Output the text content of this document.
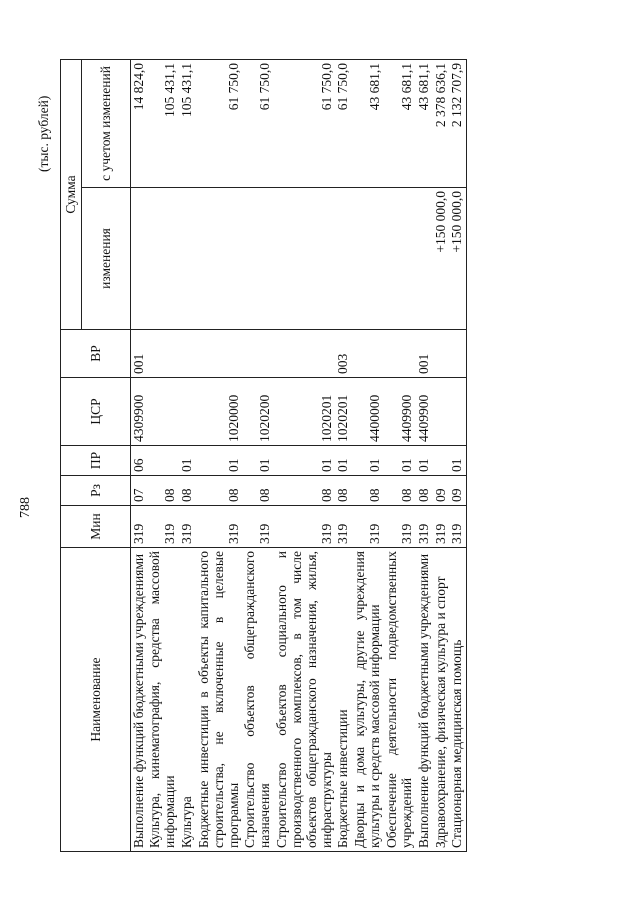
788
(тыс. рублей)
Наименование	Мин	Рз	ПР	ЦСР	ВР	Сумма	
						изменения	с учетом изменений
Выполнение функций бюджетными учреждениями	319	07	06	4309900	001		14 824,0
Культура, кинематография, средства массовой информации	319	08					105 431,1
Культура	319	08	01				105 431,1
Бюджетные инвестиции в объекты капитального строительства, не включенные в целевые программы	319	08	01	1020000			61 750,0
Строительство объектов общегражданского назначения	319	08	01	1020200			61 750,0
Строительство объектов социального и производственного комплексов, в том числе объектов общегражданского назначения, жилья, инфраструктуры	319	08	01	1020201			61 750,0
Бюджетные инвестиции	319	08	01	1020201	003		61 750,0
Дворцы и дома культуры, другие учреждения культуры и средств массовой информации	319	08	01	4400000			43 681,1
Обеспечение деятельности подведомственных учреждений	319	08	01	4409900			43 681,1
Выполнение функций бюджетными учреждениями	319	08	01	4409900	001		43 681,1
Здравоохранение, физическая культура и спорт	319	09				+150 000,0	2 378 636,1
Стационарная медицинская помощь	319	09	01			+150 000,0	2 132 707,9
